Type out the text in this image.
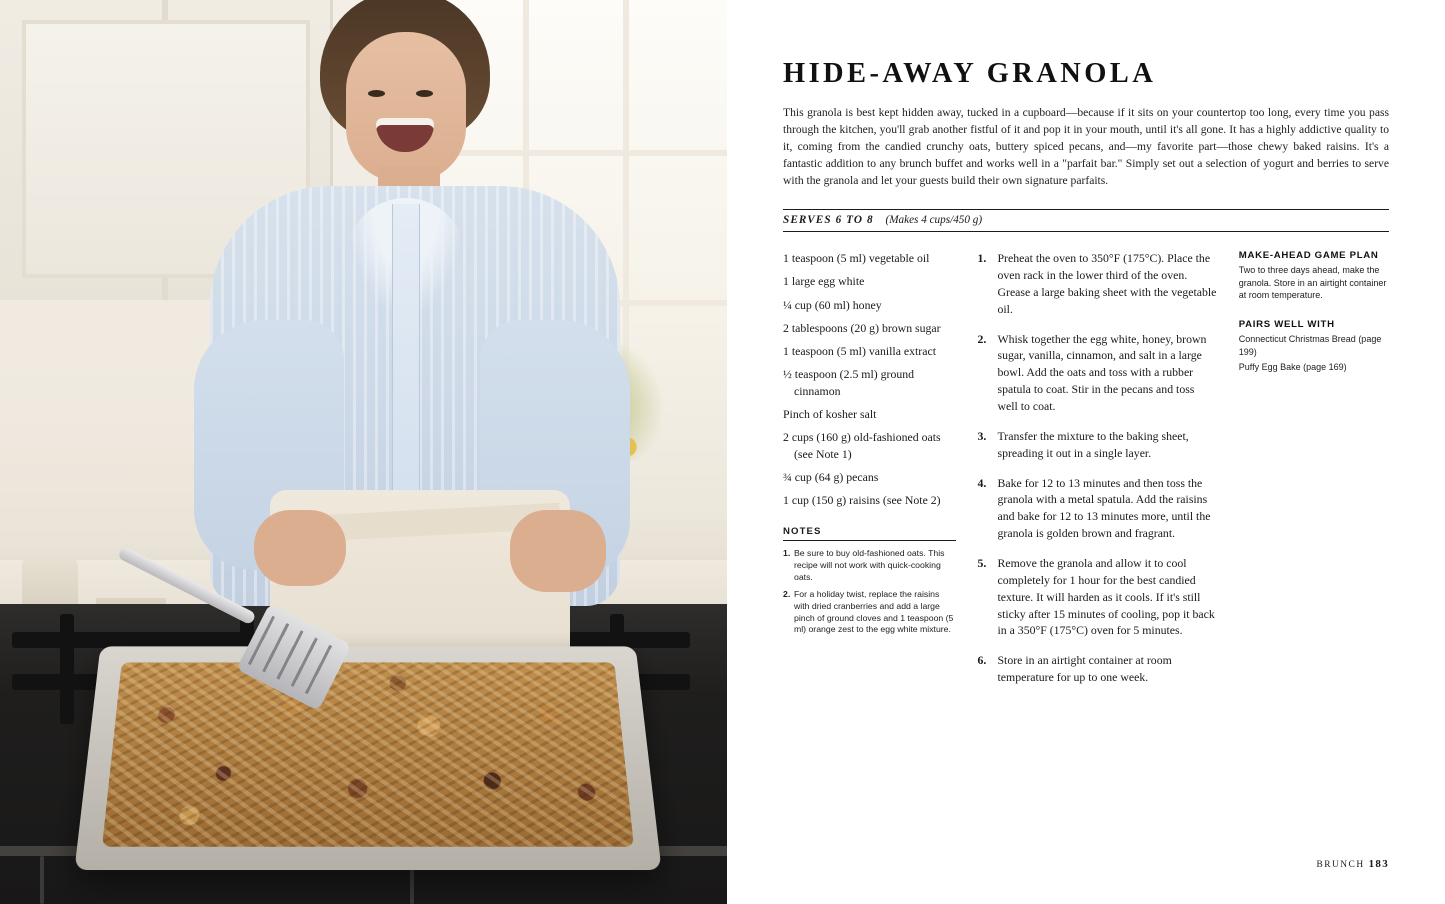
HIDE-AWAY GRANOLA

This granola is best kept hidden away, tucked in a cupboard—because if it sits on your countertop too long, every time you pass through the kitchen, you'll grab another fistful of it and pop it in your mouth, until it's all gone. It has a highly addictive quality to it, coming from the candied crunchy oats, buttery spiced pecans, and—my favorite part—those chewy baked raisins. It's a fantastic addition to any brunch buffet and works well in a "parfait bar." Simply set out a selection of yogurt and berries to serve with the granola and let your guests build their own signature parfaits.

SERVES 6 TO 8 (Makes 4 cups/450 g)
1 teaspoon (5 ml) vegetable oil
1 large egg white
¼ cup (60 ml) honey
2 tablespoons (20 g) brown sugar
1 teaspoon (5 ml) vanilla extract
½ teaspoon (2.5 ml) ground cinnamon
Pinch of kosher salt
2 cups (160 g) old-fashioned oats (see Note 1)
¾ cup (64 g) pecans
1 cup (150 g) raisins (see Note 2)
NOTES
1. Be sure to buy old-fashioned oats. This recipe will not work with quick-cooking oats.
2. For a holiday twist, replace the raisins with dried cranberries and add a large pinch of ground cloves and 1 teaspoon (5 ml) orange zest to the egg white mixture.
1. Preheat the oven to 350°F (175°C). Place the oven rack in the lower third of the oven. Grease a large baking sheet with the vegetable oil.
2. Whisk together the egg white, honey, brown sugar, vanilla, cinnamon, and salt in a large bowl. Add the oats and toss with a rubber spatula to coat. Stir in the pecans and toss well to coat.
3. Transfer the mixture to the baking sheet, spreading it out in a single layer.
4. Bake for 12 to 13 minutes and then toss the granola with a metal spatula. Add the raisins and bake for 12 to 13 minutes more, until the granola is golden brown and fragrant.
5. Remove the granola and allow it to cool completely for 1 hour for the best candied texture. It will harden as it cools. If it's still sticky after 15 minutes of cooling, pop it back in a 350°F (175°C) oven for 5 minutes.
6. Store in an airtight container at room temperature for up to one week.
MAKE-AHEAD GAME PLAN
Two to three days ahead, make the granola. Store in an airtight container at room temperature.
PAIRS WELL WITH
Connecticut Christmas Bread (page 199)
Puffy Egg Bake (page 169)
BRUNCH 183
